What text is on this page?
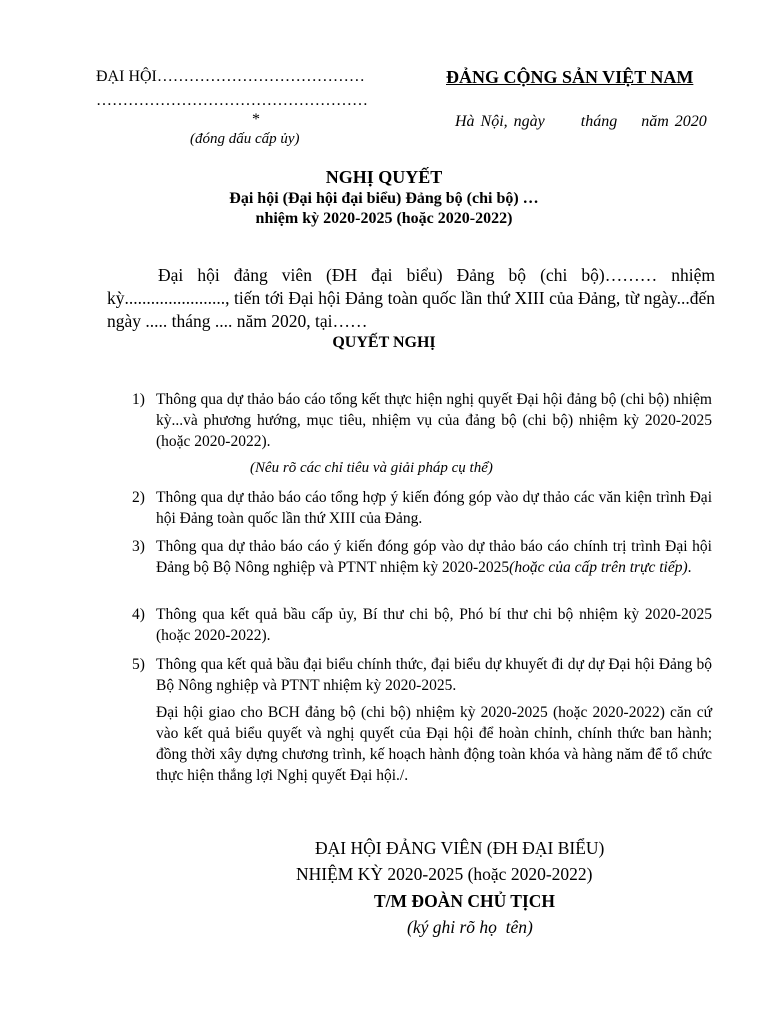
ĐẠI HỘI…………………………………
……………………………………………
*
(đóng dấu cấp ủy)
ĐẢNG CỘNG SẢN VIỆT NAM
Hà Nội, ngày      tháng    năm 2020
NGHỊ QUYẾT
Đại hội (Đại hội đại biểu) Đảng bộ (chi bộ) …
nhiệm kỳ 2020-2025 (hoặc 2020-2022)
Đại hội đảng viên (ĐH đại biểu) Đảng bộ (chi bộ)……… nhiệm kỳ......................., tiến tới Đại hội Đảng toàn quốc lần thứ XIII của Đảng, từ ngày...đến ngày ..... tháng .... năm 2020, tại……
QUYẾT NGHỊ
1) Thông qua dự thảo báo cáo tổng kết thực hiện nghị quyết Đại hội đảng bộ (chi bộ) nhiệm kỳ...và phương hướng, mục tiêu, nhiệm vụ của đảng bộ (chi bộ) nhiệm kỳ 2020-2025 (hoặc 2020-2022).
(Nêu rõ các chỉ tiêu và giải pháp cụ thể)
2) Thông qua dự thảo báo cáo tổng hợp ý kiến đóng góp vào dự thảo các văn kiện trình Đại hội Đảng toàn quốc lần thứ XIII của Đảng.
3) Thông qua dự thảo báo cáo ý kiến đóng góp vào dự thảo báo cáo chính trị trình Đại hội Đảng bộ Bộ Nông nghiệp và PTNT nhiệm kỳ 2020-2025(hoặc của cấp trên trực tiếp).
4) Thông qua kết quả bầu cấp ủy, Bí thư chi bộ, Phó bí thư chi bộ nhiệm kỳ 2020-2025 (hoặc 2020-2022).
5) Thông qua kết quả bầu đại biểu chính thức, đại biểu dự khuyết đi dự dự Đại hội Đảng bộ Bộ Nông nghiệp và PTNT nhiệm kỳ 2020-2025.
Đại hội giao cho BCH đảng bộ (chi bộ) nhiệm kỳ 2020-2025 (hoặc 2020-2022) căn cứ vào kết quả biểu quyết và nghị quyết của Đại hội để hoàn chỉnh, chính thức ban hành; đồng thời xây dựng chương trình, kế hoạch hành động toàn khóa và hàng năm để tổ chức thực hiện thắng lợi Nghị quyết Đại hội./.
ĐẠI HỘI ĐẢNG VIÊN (ĐH ĐẠI BIỂU)
NHIỆM KỲ 2020-2025 (hoặc 2020-2022)
T/M ĐOÀN CHỦ TỊCH
(ký ghi rõ họ  tên)
